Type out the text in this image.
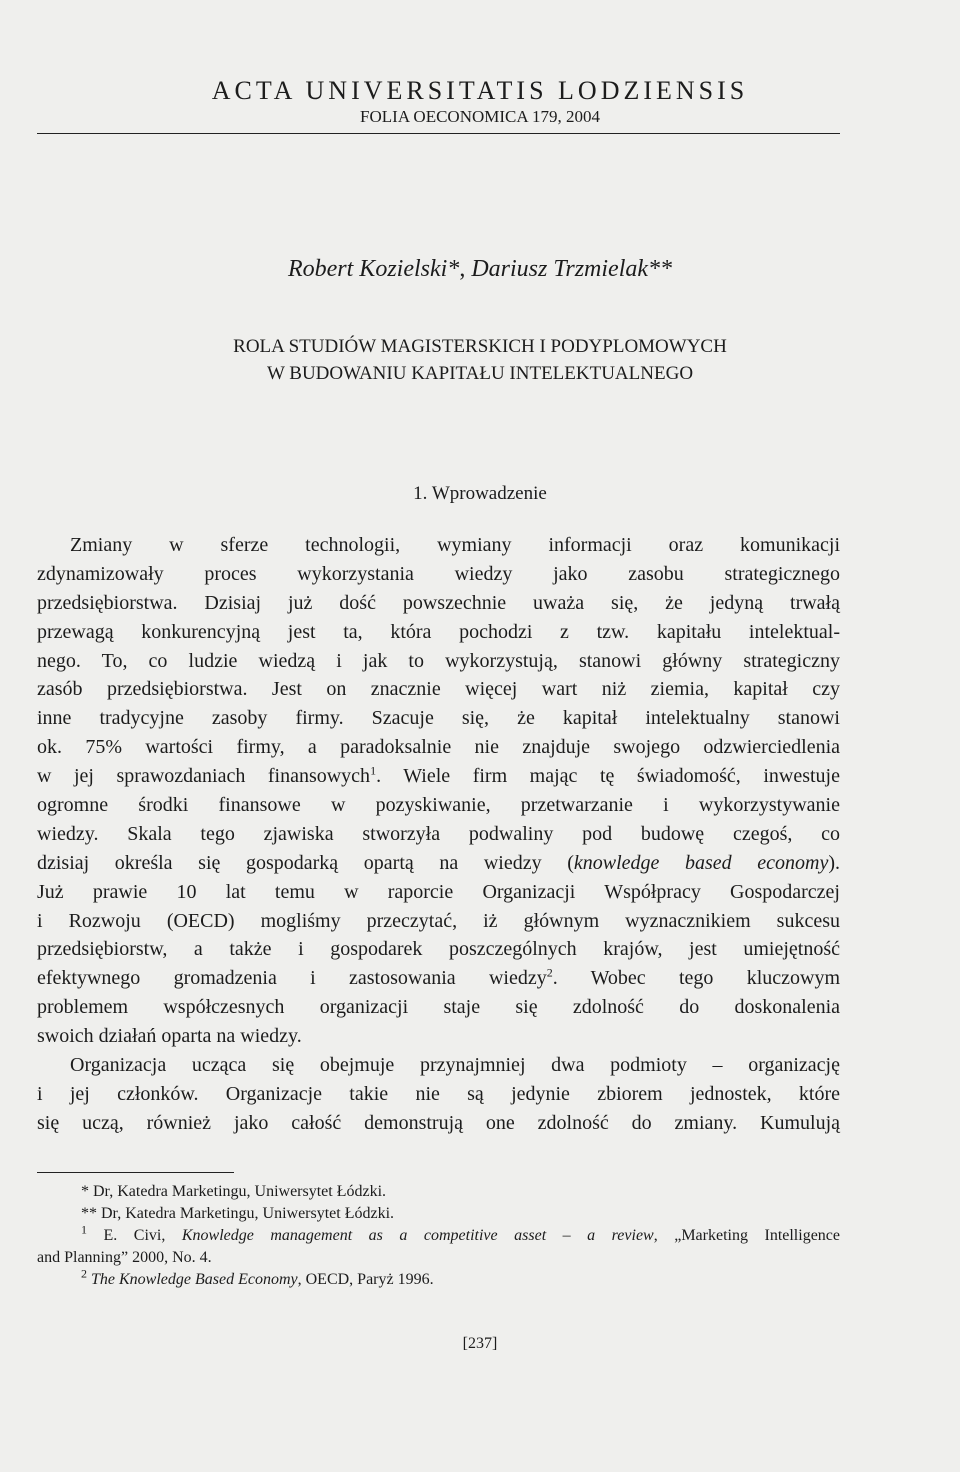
ACTA UNIVERSITATIS LODZIENSIS
FOLIA OECONOMICA 179, 2004
Robert Kozielski*, Dariusz Trzmielak**
ROLA STUDIÓW MAGISTERSKICH I PODYPLOMOWYCH
W BUDOWANIU KAPITAŁU INTELEKTUALNEGO
1. Wprowadzenie
Zmiany w sferze technologii, wymiany informacji oraz komunikacji
zdynamizowały proces wykorzystania wiedzy jako zasobu strategicznego
przedsiębiorstwa. Dzisiaj już dość powszechnie uważa się, że jedyną trwałą
przewagą konkurencyjną jest ta, która pochodzi z tzw. kapitału intelektual-
nego. To, co ludzie wiedzą i jak to wykorzystują, stanowi główny strategiczny
zasób przedsiębiorstwa. Jest on znacznie więcej wart niż ziemia, kapitał czy
inne tradycyjne zasoby firmy. Szacuje się, że kapitał intelektualny stanowi
ok. 75% wartości firmy, a paradoksalnie nie znajduje swojego odzwierciedlenia
w jej sprawozdaniach finansowych$^1$. Wiele firm mając tę świadomość, inwestuje
ogromne środki finansowe w pozyskiwanie, przetwarzanie i wykorzystywanie
wiedzy. Skala tego zjawiska stworzyła podwaliny pod budowę czegoś, co
dzisiaj określa się gospodarką opartą na wiedzy (knowledge based economy).
Już prawie 10 lat temu w raporcie Organizacji Współpracy Gospodarczej
i Rozwoju (OECD) mogliśmy przeczytać, iż głównym wyznacznikiem sukcesu
przedsiębiorstw, a także i gospodarek poszczególnych krajów, jest umiejętność
efektywnego gromadzenia i zastosowania wiedzy$^2$. Wobec tego kluczowym
problemem współczesnych organizacji staje się zdolność do doskonalenia
swoich działań oparta na wiedzy.
Organizacja ucząca się obejmuje przynajmniej dwa podmioty – organizację
i jej członków. Organizacje takie nie są jedynie zbiorem jednostek, które
się uczą, również jako całość demonstrują one zdolność do zmiany. Kumulują
* Dr, Katedra Marketingu, Uniwersytet Łódzki.
** Dr, Katedra Marketingu, Uniwersytet Łódzki.
$^1$ E. Civi, Knowledge management as a competitive asset – a review, „Marketing Intelligence
and Planning” 2000, No. 4.
$^2$ The Knowledge Based Economy, OECD, Paryż 1996.
[237]
